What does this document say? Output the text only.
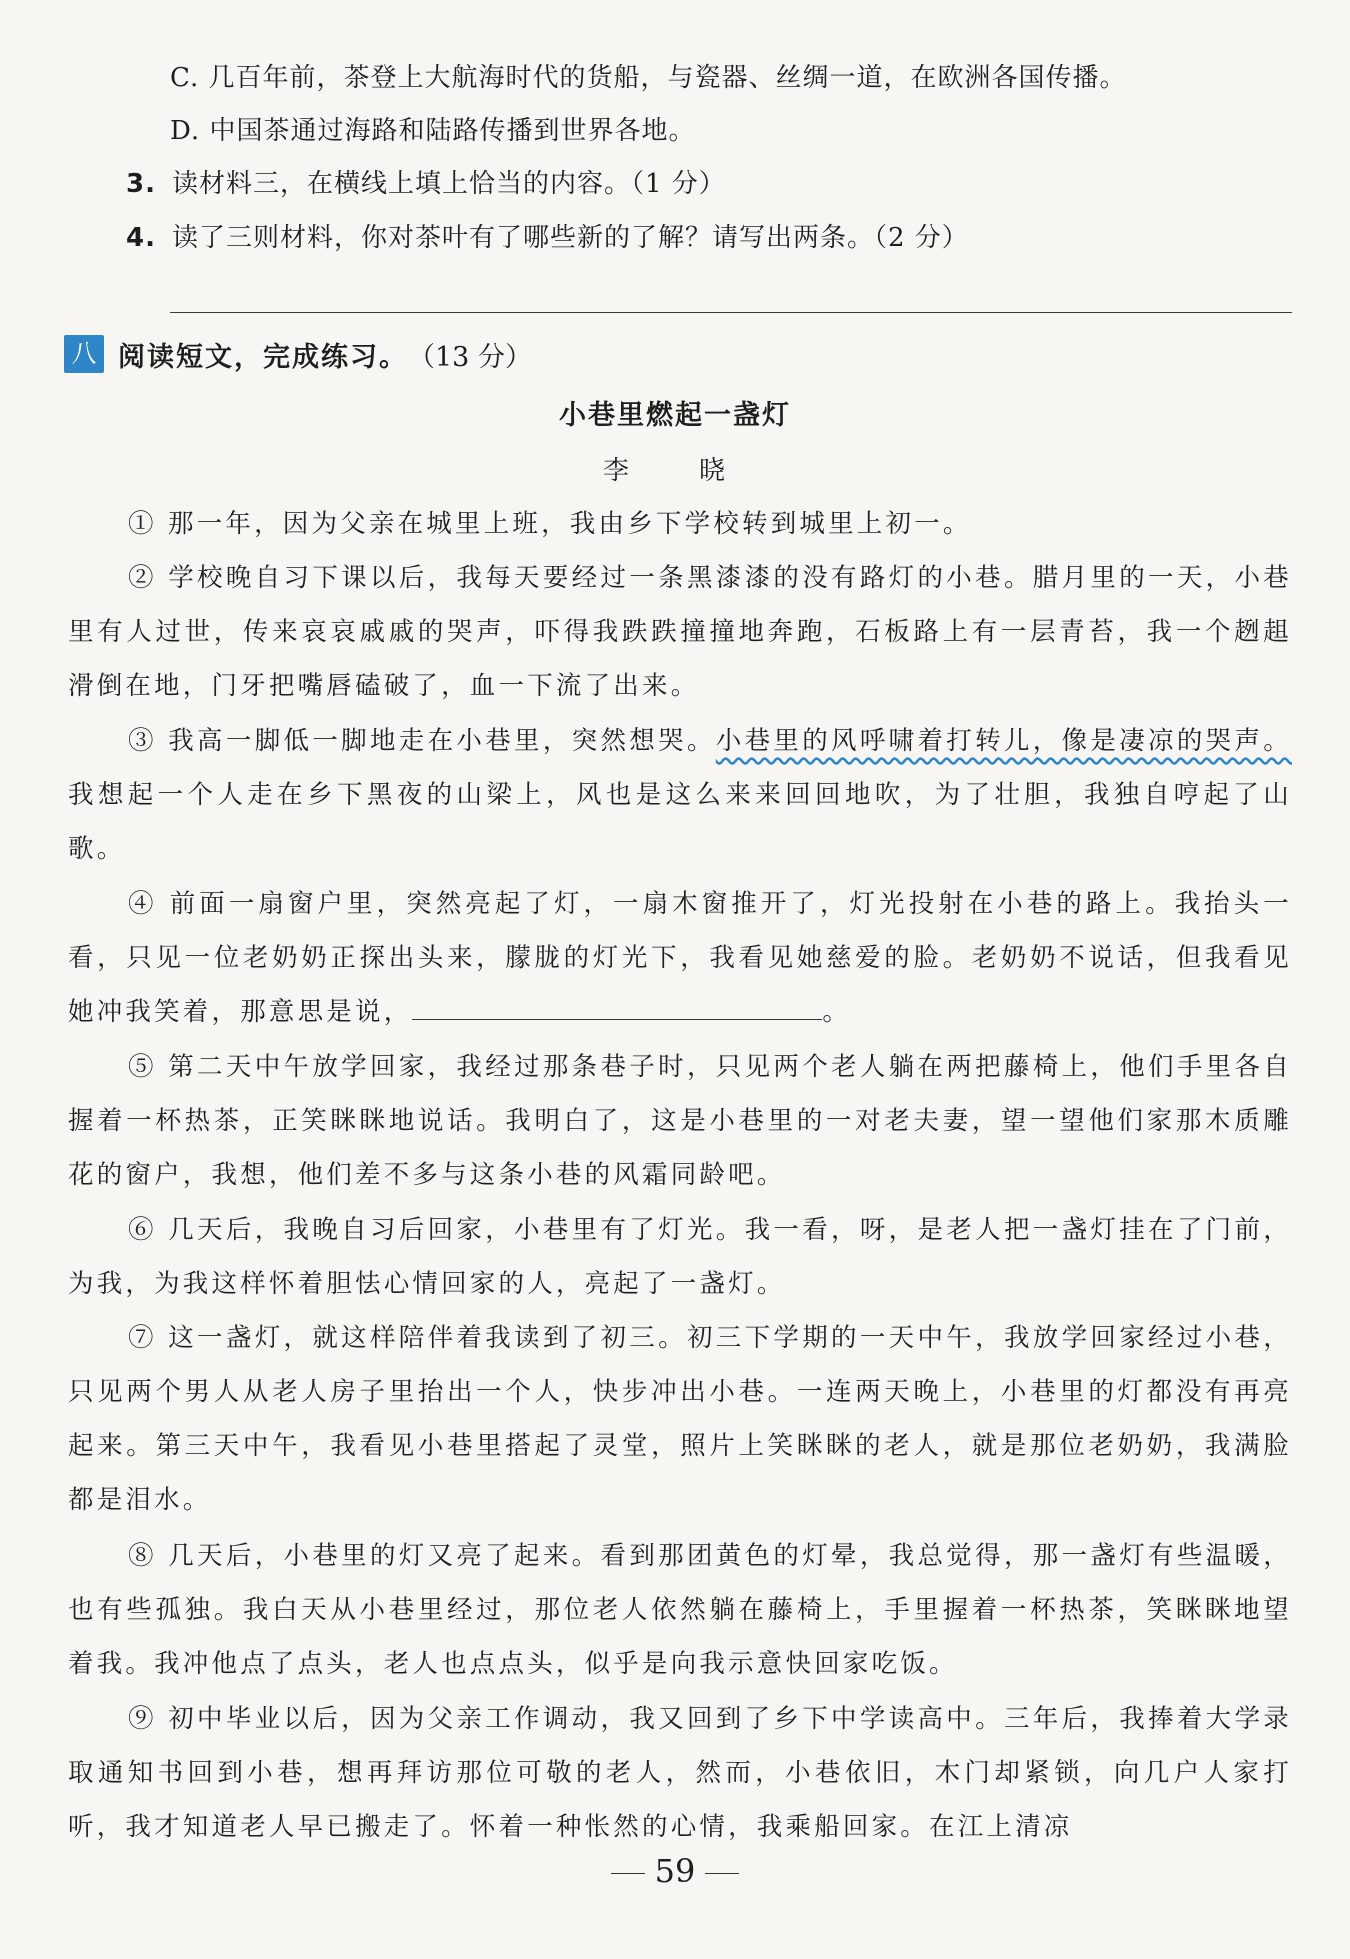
C. 几百年前，茶登上大航海时代的货船，与瓷器、丝绸一道，在欧洲各国传播。
D. 中国茶通过海路和陆路传播到世界各地。
3. 读材料三，在横线上填上恰当的内容。（1 分）
4. 读了三则材料，你对茶叶有了哪些新的了解？请写出两条。（2 分）
八 阅读短文，完成练习。 （13 分）
小巷里燃起一盏灯
李　晓
① 那一年，因为父亲在城里上班，我由乡下学校转到城里上初一。
② 学校晚自习下课以后，我每天要经过一条黑漆漆的没有路灯的小巷。腊月里的一天，小巷里有人过世，传来哀哀戚戚的哭声，吓得我跌跌撞撞地奔跑，石板路上有一层青苔，我一个趔趄滑倒在地，门牙把嘴唇磕破了，血一下流了出来。
③ 我高一脚低一脚地走在小巷里，突然想哭。小巷里的风呼啸着打转儿，像是凄凉的哭声。我想起一个人走在乡下黑夜的山梁上，风也是这么来来回回地吹，为了壮胆，我独自哼起了山歌。
④ 前面一扇窗户里，突然亮起了灯，一扇木窗推开了，灯光投射在小巷的路上。我抬头一看，只见一位老奶奶正探出头来，朦胧的灯光下，我看见她慈爱的脸。老奶奶不说话，但我看见她冲我笑着，那意思是说，	。
⑤ 第二天中午放学回家，我经过那条巷子时，只见两个老人躺在两把藤椅上，他们手里各自握着一杯热茶，正笑眯眯地说话。我明白了，这是小巷里的一对老夫妻，望一望他们家那木质雕花的窗户，我想，他们差不多与这条小巷的风霜同龄吧。
⑥ 几天后，我晚自习后回家，小巷里有了灯光。我一看，呀，是老人把一盏灯挂在了门前，为我，为我这样怀着胆怯心情回家的人，亮起了一盏灯。
⑦ 这一盏灯，就这样陪伴着我读到了初三。初三下学期的一天中午，我放学回家经过小巷，只见两个男人从老人房子里抬出一个人，快步冲出小巷。一连两天晚上，小巷里的灯都没有再亮起来。第三天中午，我看见小巷里搭起了灵堂，照片上笑眯眯的老人，就是那位老奶奶，我满脸都是泪水。
⑧ 几天后，小巷里的灯又亮了起来。看到那团黄色的灯晕，我总觉得，那一盏灯有些温暖，也有些孤独。我白天从小巷里经过，那位老人依然躺在藤椅上，手里握着一杯热茶，笑眯眯地望着我。我冲他点了点头，老人也点点头，似乎是向我示意快回家吃饭。
⑨ 初中毕业以后，因为父亲工作调动，我又回到了乡下中学读高中。三年后，我捧着大学录取通知书回到小巷，想再拜访那位可敬的老人，然而，小巷依旧，木门却紧锁，向几户人家打听，我才知道老人早已搬走了。怀着一种怅然的心情，我乘船回家。在江上清凉
59
